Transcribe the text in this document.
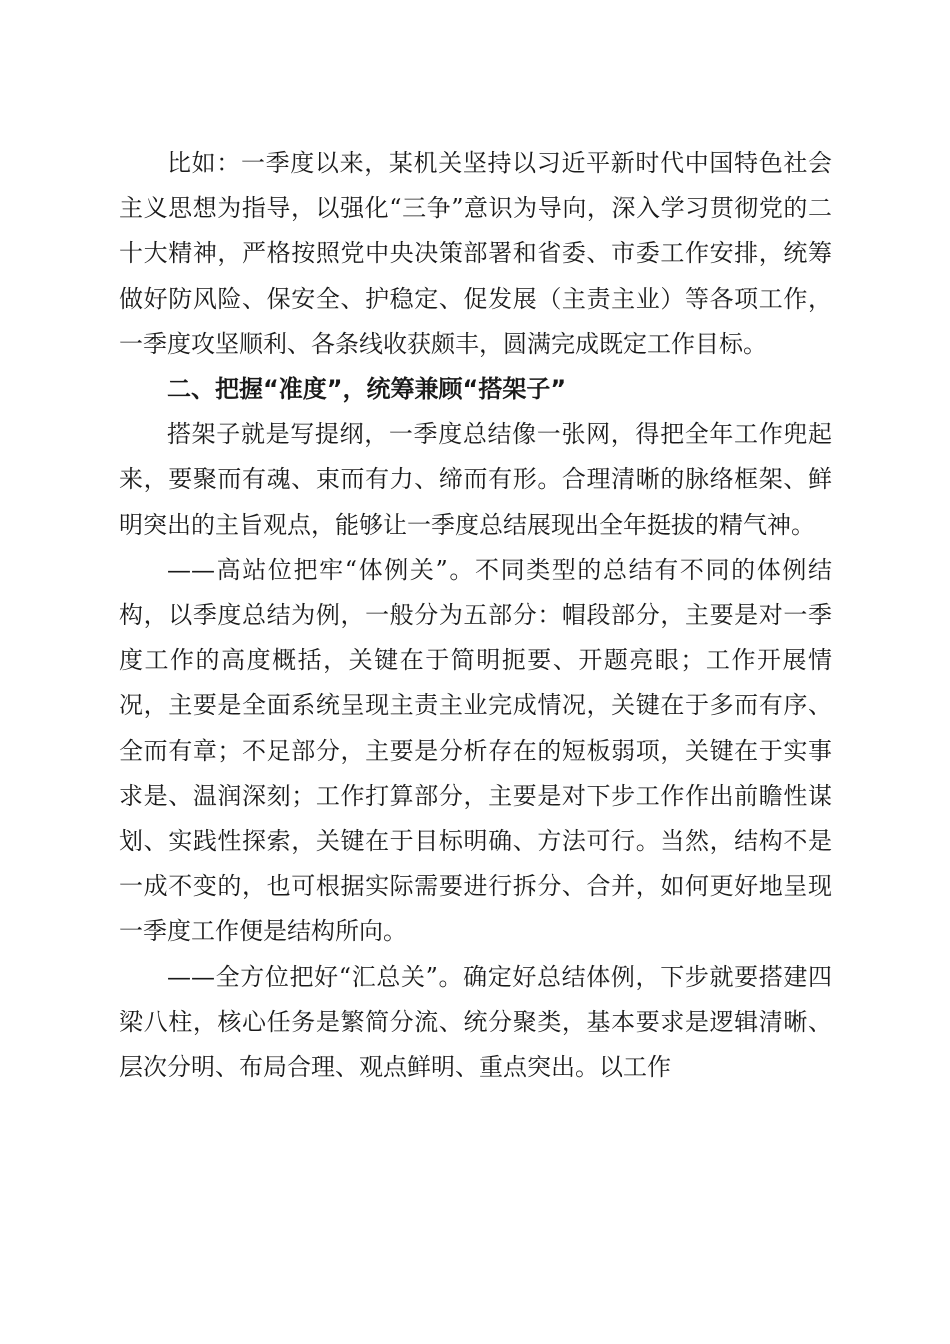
比如：一季度以来，某机关坚持以习近平新时代中国特色社会主义思想为指导，以强化“三争”意识为导向，深入学习贯彻党的二十大精神，严格按照党中央决策部署和省委、市委工作安排，统筹做好防风险、保安全、护稳定、促发展（主责主业）等各项工作，一季度攻坚顺利、各条线收获颇丰，圆满完成既定工作目标。

二、把握“准度”，统筹兼顾“搭架子”

搭架子就是写提纲，一季度总结像一张网，得把全年工作兜起来，要聚而有魂、束而有力、缔而有形。合理清晰的脉络框架、鲜明突出的主旨观点，能够让一季度总结展现出全年挺拔的精气神。

——高站位把牢“体例关”。不同类型的总结有不同的体例结构，以季度总结为例，一般分为五部分：帽段部分，主要是对一季度工作的高度概括，关键在于简明扼要、开题亮眼；工作开展情况，主要是全面系统呈现主责主业完成情况，关键在于多而有序、全而有章；不足部分，主要是分析存在的短板弱项，关键在于实事求是、温润深刻；工作打算部分，主要是对下步工作作出前瞻性谋划、实践性探索，关键在于目标明确、方法可行。当然，结构不是一成不变的，也可根据实际需要进行拆分、合并，如何更好地呈现一季度工作便是结构所向。

——全方位把好“汇总关”。确定好总结体例，下步就要搭建四梁八柱，核心任务是繁简分流、统分聚类，基本要求是逻辑清晰、层次分明、布局合理、观点鲜明、重点突出。以工作
